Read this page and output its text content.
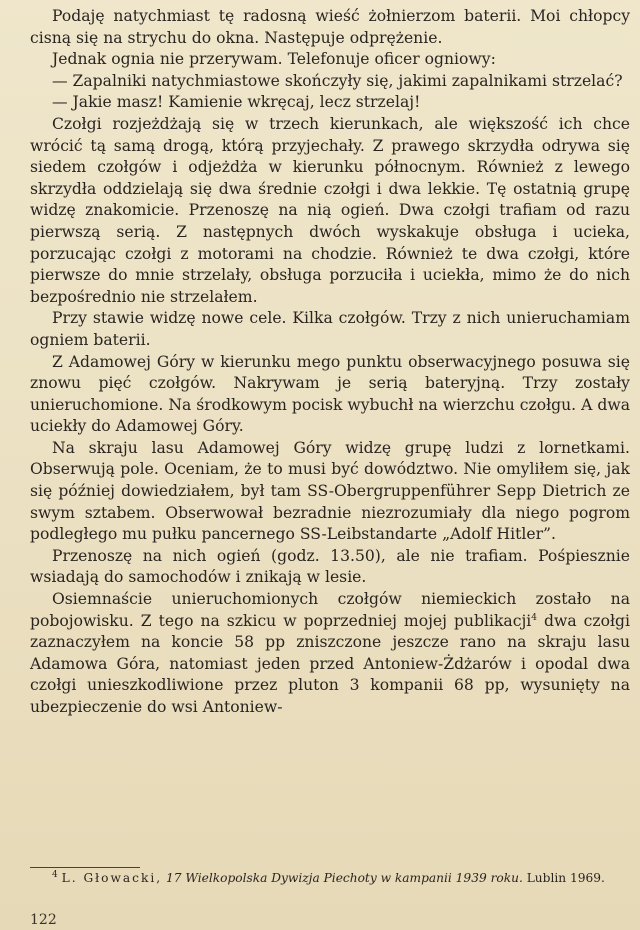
Podaję natychmiast tę radosną wieść żołnierzom baterii. Moi chłopcy cisną się na strychu do okna. Następuje odprężenie.

Jednak ognia nie przerywam. Telefonuje oficer ogniowy:

— Zapalniki natychmiastowe skończyły się, jakimi zapalnikami strzelać?

— Jakie masz! Kamienie wkręcaj, lecz strzelaj!

Czołgi rozjeżdżają się w trzech kierunkach, ale większość ich chce wrócić tą samą drogą, którą przyjechały. Z prawego skrzydła odrywa się siedem czołgów i odjeżdża w kierunku północnym. Również z lewego skrzydła oddzielają się dwa średnie czołgi i dwa lekkie. Tę ostatnią grupę widzę znakomicie. Przenoszę na nią ogień. Dwa czołgi trafiam od razu pierwszą serią. Z następnych dwóch wyskakuje obsługa i ucieka, porzucając czołgi z motorami na chodzie. Również te dwa czołgi, które pierwsze do mnie strzelały, obsługa porzuciła i uciekła, mimo że do nich bezpośrednio nie strzelałem.

Przy stawie widzę nowe cele. Kilka czołgów. Trzy z nich unieruchamiam ogniem baterii.

Z Adamowej Góry w kierunku mego punktu obserwacyjnego posuwa się znowu pięć czołgów. Nakrywam je serią bateryjną. Trzy zostały unieruchomione. Na środkowym pocisk wybuchł na wierzchu czołgu. A dwa uciekły do Adamowej Góry.

Na skraju lasu Adamowej Góry widzę grupę ludzi z lornetkami. Obserwują pole. Oceniam, że to musi być dowództwo. Nie omyliłem się, jak się później dowiedziałem, był tam SS-Obergruppenführer Sepp Dietrich ze swym sztabem. Obserwował bezradnie niezrozumiały dla niego pogrom podległego mu pułku pancernego SS-Leibstandarte „Adolf Hitler”.

Przenoszę na nich ogień (godz. 13.50), ale nie trafiam. Pośpiesznie wsiadają do samochodów i znikają w lesie.

Osiemnaście unieruchomionych czołgów niemieckich zostało na pobojowisku. Z tego na szkicu w poprzedniej mojej publikacji$^4$ dwa czołgi zaznaczyłem na koncie 58 pp zniszczone jeszcze rano na skraju lasu Adamowa Góra, natomiast jeden przed Antoniew-Żdżarów i opodal dwa czołgi unieszkodliwione przez pluton 3 kompanii 68 pp, wysunięty na ubezpieczenie do wsi Antoniew-

$^4$ L. Głowacki, 17 Wielkopolska Dywizja Piechoty w kampanii 1939 roku. Lublin 1969.
122
